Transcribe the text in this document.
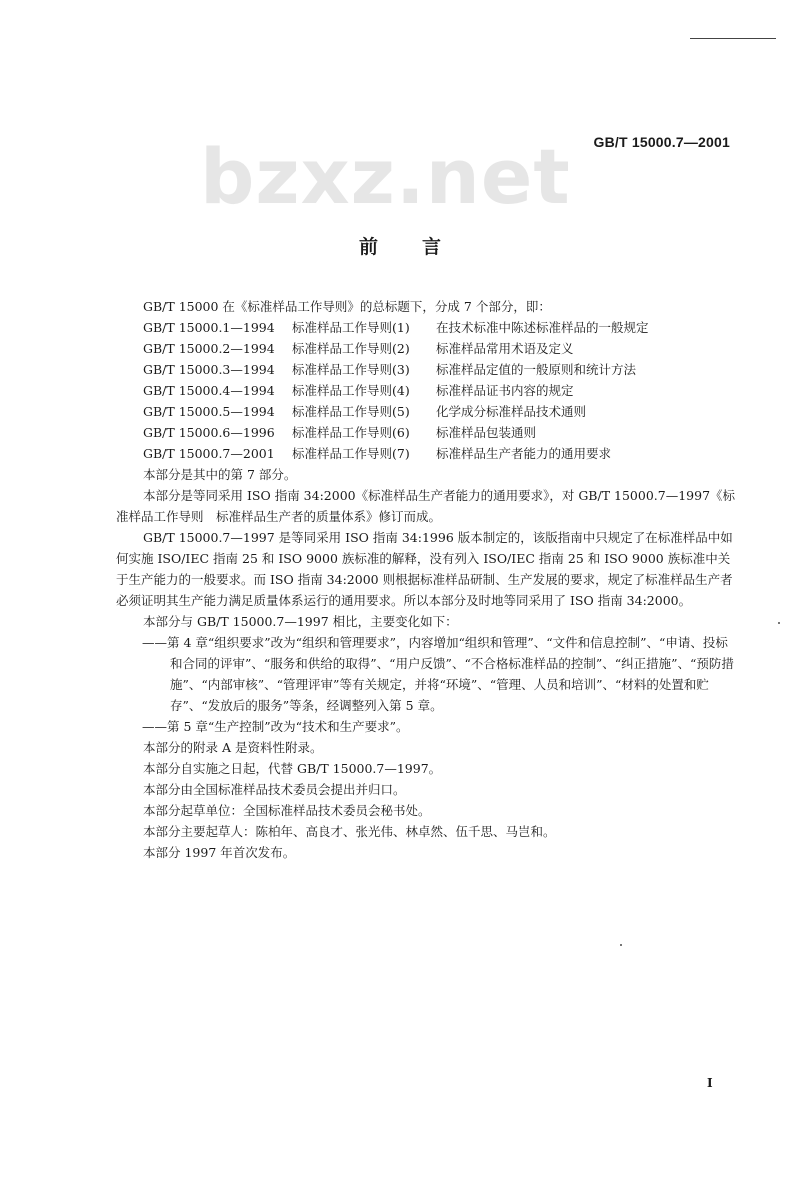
bzxz.net GB/T 15000.7—2001
前言

GB/T 15000 在《标准样品工作导则》的总标题下，分成 7 个部分，即：

GB/T 15000.1—1994	标准样品工作导则(1)	在技术标准中陈述标准样品的一般规定
GB/T 15000.2—1994	标准样品工作导则(2)	标准样品常用术语及定义
GB/T 15000.3—1994	标准样品工作导则(3)	标准样品定值的一般原则和统计方法
GB/T 15000.4—1994	标准样品工作导则(4)	标准样品证书内容的规定
GB/T 15000.5—1994	标准样品工作导则(5)	化学成分标准样品技术通则
GB/T 15000.6—1996	标准样品工作导则(6)	标准样品包装通则
GB/T 15000.7—2001	标准样品工作导则(7)	标准样品生产者能力的通用要求

本部分是其中的第 7 部分。

本部分是等同采用 ISO 指南 34:2000《标准样品生产者能力的通用要求》，对 GB/T 15000.7—1997《标准样品工作导则　标准样品生产者的质量体系》修订而成。

GB/T 15000.7—1997 是等同采用 ISO 指南 34:1996 版本制定的，该版指南中只规定了在标准样品中如何实施 ISO/IEC 指南 25 和 ISO 9000 族标准的解释，没有列入 ISO/IEC 指南 25 和 ISO 9000 族标准中关于生产能力的一般要求。而 ISO 指南 34:2000 则根据标准样品研制、生产发展的要求，规定了标准样品生产者必须证明其生产能力满足质量体系运行的通用要求。所以本部分及时地等同采用了 ISO 指南 34:2000。

本部分与 GB/T 15000.7—1997 相比，主要变化如下：

——第 4 章“组织要求”改为“组织和管理要求”，内容增加“组织和管理”、“文件和信息控制”、“申请、投标和合同的评审”、“服务和供给的取得”、“用户反馈”、“不合格标准样品的控制”、“纠正措施”、“预防措施”、“内部审核”、“管理评审”等有关规定，并将“环境”、“管理、人员和培训”、“材料的处置和贮存”、“发放后的服务”等条，经调整列入第 5 章。

——第 5 章“生产控制”改为“技术和生产要求”。

本部分的附录 A 是资料性附录。

本部分自实施之日起，代替 GB/T 15000.7—1997。

本部分由全国标准样品技术委员会提出并归口。

本部分起草单位：全国标准样品技术委员会秘书处。

本部分主要起草人：陈柏年、高良才、张光伟、林卓然、伍千思、马岂和。

本部分 1997 年首次发布。

I
